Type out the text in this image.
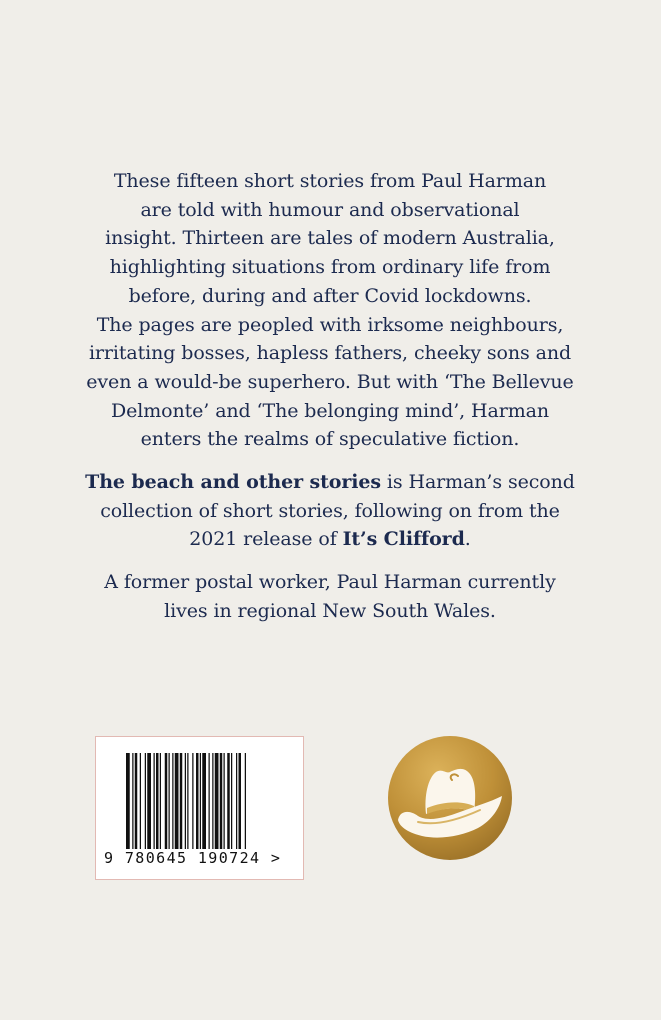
These fifteen short stories from Paul Harman
are told with humour and observational
insight. Thirteen are tales of modern Australia,
highlighting situations from ordinary life from
before, during and after Covid lockdowns.
The pages are peopled with irksome neighbours,
irritating bosses, hapless fathers, cheeky sons and
even a would-be superhero. But with ‘The Bellevue
Delmonte’ and ‘The belonging mind’, Harman
enters the realms of speculative fiction.

The beach and other stories is Harman’s second
collection of short stories, following on from the
2021 release of It’s Clifford.

A former postal worker, Paul Harman currently
lives in regional New South Wales.

9 780645 190724 >
